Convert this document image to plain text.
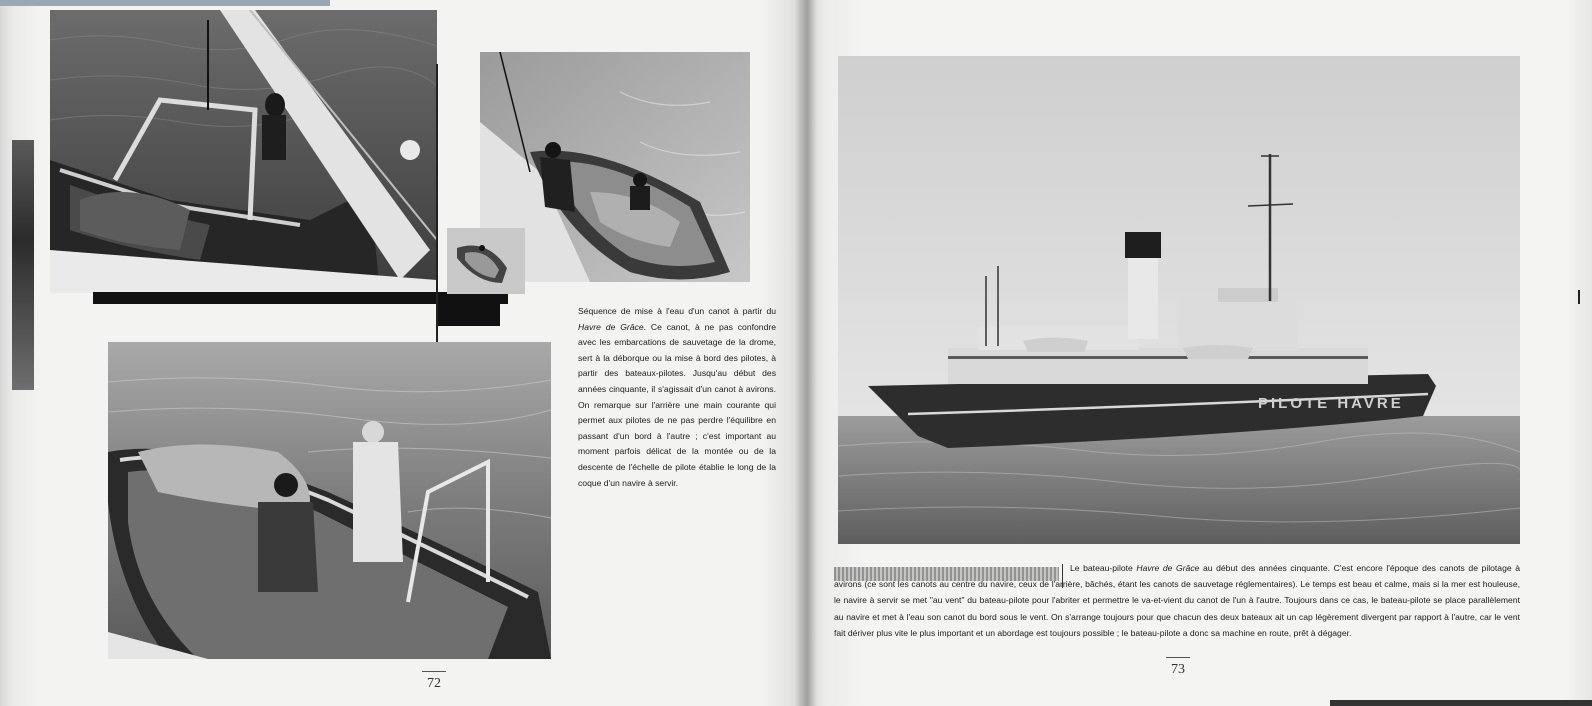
Séquence de mise à l'eau d'un canot à partir du Havre de Grâce. Ce canot, à ne pas confondre avec les embarcations de sauvetage de la drome, sert à la déborque ou la mise à bord des pilotes, à partir des bateaux-pilotes. Jusqu'au début des années cinquante, il s'agissait d'un canot à avirons. On remarque sur l'arrière une main courante qui permet aux pilotes de ne pas perdre l'équilibre en passant d'un bord à l'autre ; c'est important au moment parfois délicat de la montée ou de la descente de l'échelle de pilote établie le long de la coque d'un navire à servir.
72
PILOTE HAVRE
Le bateau-pilote Havre de Grâce au début des années cinquante. C'est encore l'époque des canots de pilotage à avirons (ce sont les canots au centre du navire, ceux de l'arrière, bâchés, étant les canots de sauvetage réglementaires). Le temps est beau et calme, mais si la mer est houleuse, le navire à servir se met "au vent" du bateau-pilote pour l'abriter et permettre le va-et-vient du canot de l'un à l'autre. Toujours dans ce cas, le bateau-pilote se place parallèlement au navire et met à l'eau son canot du bord sous le vent. On s'arrange toujours pour que chacun des deux bateaux ait un cap légèrement divergent par rapport à l'autre, car le vent fait dériver plus vite le plus important et un abordage est toujours possible ; le bateau-pilote a donc sa machine en route, prêt à dégager.
73
